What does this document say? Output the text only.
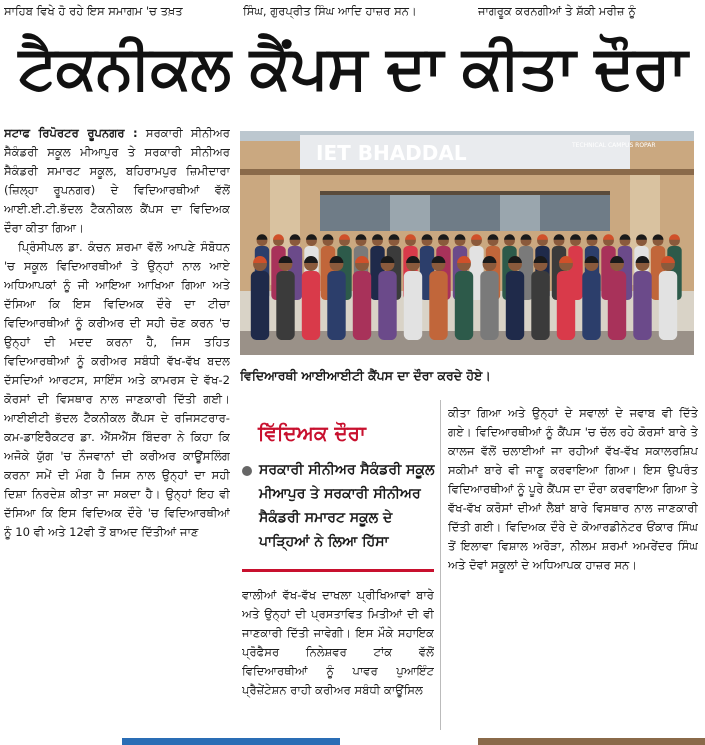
ਸਾਹਿਬ ਵਿਖੇ ਹੋ ਰਹੇ ਇਸ ਸਮਾਗਮ 'ਚ ਤਖ਼ਤ	ਸਿੰਘ, ਗੁਰਪ੍ਰੀਤ ਸਿੰਘ ਆਦਿ ਹਾਜ਼ਰ ਸਨ।	ਜਾਗਰੂਕ ਕਰਨਗੀਆਂ ਤੇ ਸ਼ੱਕੀ ਮਰੀਜ਼ ਨੂੰ
ਟੈਕਨੀਕਲ ਕੈਂਪਸ ਦਾ ਕੀਤਾ ਦੌਰਾ

ਸਟਾਫ ਰਿਪੋਰਟਰ ਰੂਪਨਗਰ : ਸਰਕਾਰੀ ਸੀਨੀਅਰ ਸੈਕੰਡਰੀ ਸਕੂਲ ਮੀਆਪੁਰ ਤੇ ਸਰਕਾਰੀ ਸੀਨੀਅਰ ਸੈਕੰਡਰੀ ਸਮਾਰਟ ਸਕੂਲ, ਬਹਿਰਾਮਪੁਰ ਜ਼ਿਮੀਦਾਰਾ (ਜ਼ਿਲ੍ਹਾ ਰੂਪਨਗਰ) ਦੇ ਵਿਦਿਆਰਥੀਆਂ ਵੱਲੋਂ ਆਈ.ਈ.ਟੀ.ਭੱਦਲ ਟੈਕਨੀਕਲ ਕੈਂਪਸ ਦਾ ਵਿਦਿਅਕ ਦੌਰਾ ਕੀਤਾ ਗਿਆ।

ਪ੍ਰਿੰਸੀਪਲ ਡਾ. ਕੰਚਨ ਸ਼ਰਮਾ ਵੱਲੋਂ ਆਪਣੇ ਸੰਬੋਧਨ 'ਚ ਸਕੂਲ ਵਿਦਿਆਰਥੀਆਂ ਤੇ ਉਨ੍ਹਾਂ ਨਾਲ ਆਏ ਅਧਿਆਪਕਾਂ ਨੂੰ ਜੀ ਆਇਆ ਆਖਿਆ ਗਿਆ ਅਤੇ ਦੱਸਿਆ ਕਿ ਇਸ ਵਿਦਿਅਕ ਦੌਰੇ ਦਾ ਟੀਚਾ ਵਿਦਿਆਰਥੀਆਂ ਨੂੰ ਕਰੀਅਰ ਦੀ ਸਹੀ ਚੋਣ ਕਰਨ 'ਚ ਉਨ੍ਹਾਂ ਦੀ ਮਦਦ ਕਰਨਾ ਹੈ, ਜਿਸ ਤਹਿਤ ਵਿਦਿਆਰਥੀਆਂ ਨੂੰ ਕਰੀਅਰ ਸਬੰਧੀ ਵੱਖ-ਵੱਖ ਬਦਲ ਦੱਸਦਿਆਂ ਆਰਟਸ, ਸਾਇੰਸ ਅਤੇ ਕਾਮਰਸ ਦੇ ਵੱਖ-2 ਕੋਰਸਾਂ ਦੀ ਵਿਸਥਾਰ ਨਾਲ ਜਾਣਕਾਰੀ ਦਿੱਤੀ ਗਈ। ਆਈਈਟੀ ਭੱਦਲ ਟੈਕਨੀਕਲ ਕੈਂਪਸ ਦੇ ਰਜਿਸਟਰਾਰ-ਕਮ-ਡਾਇਰੈਕਟਰ ਡਾ. ਐੱਸਐੱਸ ਬਿੰਦਰਾ ਨੇ ਕਿਹਾ ਕਿ ਅਜੋਕੇ ਯੁੱਗ 'ਚ ਨੌਜਵਾਨਾਂ ਦੀ ਕਰੀਅਰ ਕਾਊਂਸਲਿੰਗ ਕਰਨਾ ਸਮੇਂ ਦੀ ਮੰਗ ਹੈ ਜਿਸ ਨਾਲ ਉਨ੍ਹਾਂ ਦਾ ਸਹੀ ਦਿਸ਼ਾ ਨਿਰਦੇਸ਼ ਕੀਤਾ ਜਾ ਸਕਦਾ ਹੈ। ਉਨ੍ਹਾਂ ਇਹ ਵੀ ਦੱਸਿਆ ਕਿ ਇਸ ਵਿਦਿਅਕ ਦੌਰੇ 'ਚ ਵਿਦਿਆਰਥੀਆਂ ਨੂੰ 10 ਵੀ ਅਤੇ 12ਵੀ ਤੋਂ ਬਾਅਦ ਦਿੱਤੀਆਂ ਜਾਣ

IET BHADDAL	TECHNICAL CAMPUS ROPAR
ਵਿਦਿਆਰਥੀ ਆਈਆਈਟੀ ਕੈਂਪਸ ਦਾ ਦੌਰਾ ਕਰਦੇ ਹੋਏ।
ਵਿੱਦਿਅਕ ਦੌਰਾ
ਸਰਕਾਰੀ ਸੀਨੀਅਰ ਸੈਕੰਡਰੀ ਸਕੂਲ ਮੀਆਪੁਰ ਤੇ ਸਰਕਾਰੀ ਸੀਨੀਅਰ ਸੈਕੰਡਰੀ ਸਮਾਰਟ ਸਕੂਲ ਦੇ ਪਾੜ੍ਹਿਆਂ ਨੇ ਲਿਆ ਹਿੱਸਾ

ਵਾਲੀਆਂ ਵੱਖ-ਵੱਖ ਦਾਖਲਾ ਪ੍ਰੀਖਿਆਵਾਂ ਬਾਰੇ ਅਤੇ ਉਨ੍ਹਾਂ ਦੀ ਪ੍ਰਸਤਾਵਿਤ ਮਿਤੀਆਂ ਦੀ ਵੀ ਜਾਣਕਾਰੀ ਦਿੱਤੀ ਜਾਵੇਗੀ। ਇਸ ਮੌਕੇ ਸਹਾਇਕ ਪ੍ਰੋਫੈਸਰ ਨਿਲੇਸ਼ਵਰ ਟਾਂਕ ਵੱਲੋਂ ਵਿਦਿਆਰਥੀਆਂ ਨੂੰ ਪਾਵਰ ਪੁਆਇੰਟ ਪ੍ਰੈਜ਼ੇਂਟੇਸ਼ਨ ਰਾਹੀ ਕਰੀਅਰ ਸਬੰਧੀ ਕਾਊਂਸਿਲ

ਕੀਤਾ ਗਿਆ ਅਤੇ ਉਨ੍ਹਾਂ ਦੇ ਸਵਾਲਾਂ ਦੇ ਜਵਾਬ ਵੀ ਦਿੱਤੇ ਗਏ। ਵਿਦਿਆਰਥੀਆਂ ਨੂੰ ਕੈਂਪਸ 'ਚ ਚੱਲ ਰਹੇ ਕੋਰਸਾਂ ਬਾਰੇ ਤੇ ਕਾਲਜ ਵੱਲੋਂ ਚਲਾਈਆਂ ਜਾ ਰਹੀਆਂ ਵੱਖ-ਵੱਖ ਸਕਾਲਰਸ਼ਿਪ ਸਕੀਮਾਂ ਬਾਰੇ ਵੀ ਜਾਣੂ ਕਰਵਾਇਆ ਗਿਆ। ਇਸ ਉਪਰੰਤ ਵਿਦਿਆਰਥੀਆਂ ਨੂੰ ਪੂਰੇ ਕੈਂਪਸ ਦਾ ਦੌਰਾ ਕਰਵਾਇਆ ਗਿਆ ਤੇ ਵੱਖ-ਵੱਖ ਕਰੋਸਾਂ ਦੀਆਂ ਲੈਬਾਂ ਬਾਰੇ ਵਿਸਥਾਰ ਨਾਲ ਜਾਣਕਾਰੀ ਦਿੱਤੀ ਗਈ। ਵਿਦਿਅਕ ਦੌਰੇ ਦੇ ਕੋਆਰਡੀਨੇਟਰ ਓਂਕਾਰ ਸਿੰਘ ਤੋਂ ਇਲਾਵਾ ਵਿਸ਼ਾਲ ਅਰੋੜਾ, ਨੀਲਮ ਸ਼ਰਮਾਂ ਅਮਰੇਂਦਰ ਸਿੰਘ ਅਤੇ ਦੋਵਾਂ ਸਕੂਲਾਂ ਦੇ ਅਧਿਆਪਕ ਹਾਜ਼ਰ ਸਨ।
